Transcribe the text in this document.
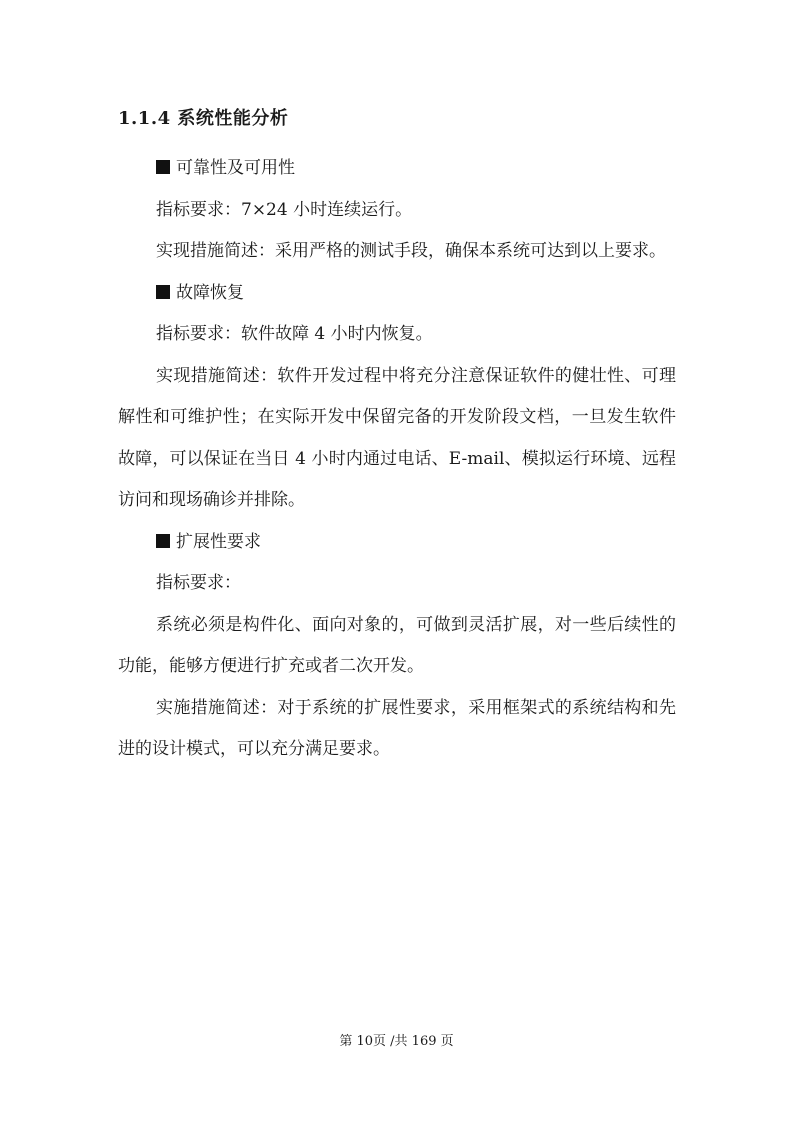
1.1.4 系统性能分析

可靠性及可用性

指标要求：7×24 小时连续运行。

实现措施简述：采用严格的测试手段，确保本系统可达到以上要求。

故障恢复

指标要求：软件故障 4 小时内恢复。

实现措施简述：软件开发过程中将充分注意保证软件的健壮性、可理解性和可维护性；在实际开发中保留完备的开发阶段文档，一旦发生软件故障，可以保证在当日 4 小时内通过电话、E-mail、模拟运行环境、远程访问和现场确诊并排除。

扩展性要求

指标要求：

系统必须是构件化、面向对象的，可做到灵活扩展，对一些后续性的功能，能够方便进行扩充或者二次开发。

实施措施简述：对于系统的扩展性要求，采用框架式的系统结构和先进的设计模式，可以充分满足要求。

第 10页 /共 169 页
